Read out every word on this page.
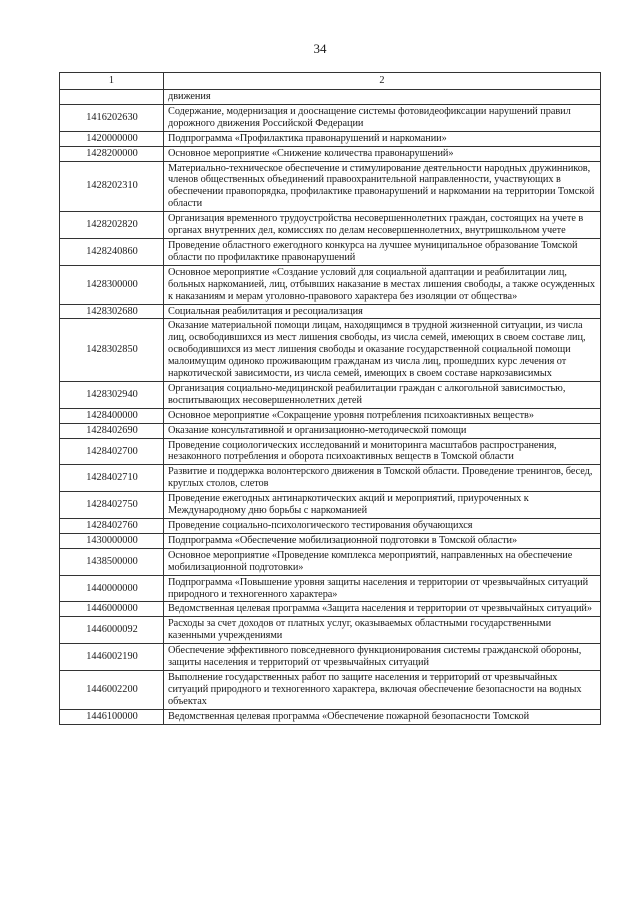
34
1	2
	движения
1416202630	Содержание, модернизация и дооснащение системы фотовидеофиксации нарушений правил дорожного движения Российской Федерации
1420000000	Подпрограмма «Профилактика правонарушений и наркомании»
1428200000	Основное мероприятие «Снижение количества правонарушений»
1428202310	Материально-техническое обеспечение и стимулирование деятельности народных дружинников, членов общественных объединений правоохранительной направленности, участвующих в обеспечении правопорядка, профилактике правонарушений и наркомании на территории Томской области
1428202820	Организация временного трудоустройства несовершеннолетних граждан, состоящих на учете в органах внутренних дел, комиссиях по делам несовершеннолетних, внутришкольном учете
1428240860	Проведение областного ежегодного конкурса на лучшее муниципальное образование Томской области по профилактике правонарушений
1428300000	Основное мероприятие «Создание условий для социальной адаптации и реабилитации лиц, больных наркоманией, лиц, отбывших наказание в местах лишения свободы, а также осужденных к наказаниям и мерам уголовно-правового характера без изоляции от общества»
1428302680	Социальная реабилитация и ресоциализация
1428302850	Оказание материальной помощи лицам, находящимся в трудной жизненной ситуации, из числа лиц, освободившихся из мест лишения свободы, из числа семей, имеющих в своем составе лиц, освободившихся из мест лишения свободы и оказание государственной социальной помощи малоимущим одиноко проживающим гражданам из числа лиц, прошедших курс лечения от наркотической зависимости, из числа семей, имеющих в своем составе наркозависимых
1428302940	Организация социально-медицинской реабилитации граждан с алкогольной зависимостью, воспитывающих несовершеннолетних детей
1428400000	Основное мероприятие «Сокращение уровня потребления психоактивных веществ»
1428402690	Оказание консультативной и организационно-методической помощи
1428402700	Проведение социологических исследований и мониторинга масштабов распространения, незаконного потребления и оборота психоактивных веществ в Томской области
1428402710	Развитие и поддержка волонтерского движения в Томской области. Проведение тренингов, бесед, круглых столов, слетов
1428402750	Проведение ежегодных антинаркотических акций и мероприятий, приуроченных к Международному дню борьбы с наркоманией
1428402760	Проведение социально-психологического тестирования обучающихся
1430000000	Подпрограмма «Обеспечение мобилизационной подготовки в Томской области»
1438500000	Основное мероприятие «Проведение комплекса мероприятий, направленных на обеспечение мобилизационной подготовки»
1440000000	Подпрограмма «Повышение уровня защиты населения и территории от чрезвычайных ситуаций природного и техногенного характера»
1446000000	Ведомственная целевая программа «Защита населения и территории от чрезвычайных ситуаций»
1446000092	Расходы за счет доходов от платных услуг, оказываемых областными государственными казенными учреждениями
1446002190	Обеспечение эффективного повседневного функционирования системы гражданской обороны, защиты населения и территорий от чрезвычайных ситуаций
1446002200	Выполнение государственных работ по защите населения и территорий от чрезвычайных ситуаций природного и техногенного характера, включая обеспечение безопасности на водных объектах
1446100000	Ведомственная целевая программа «Обеспечение пожарной безопасности Томской
